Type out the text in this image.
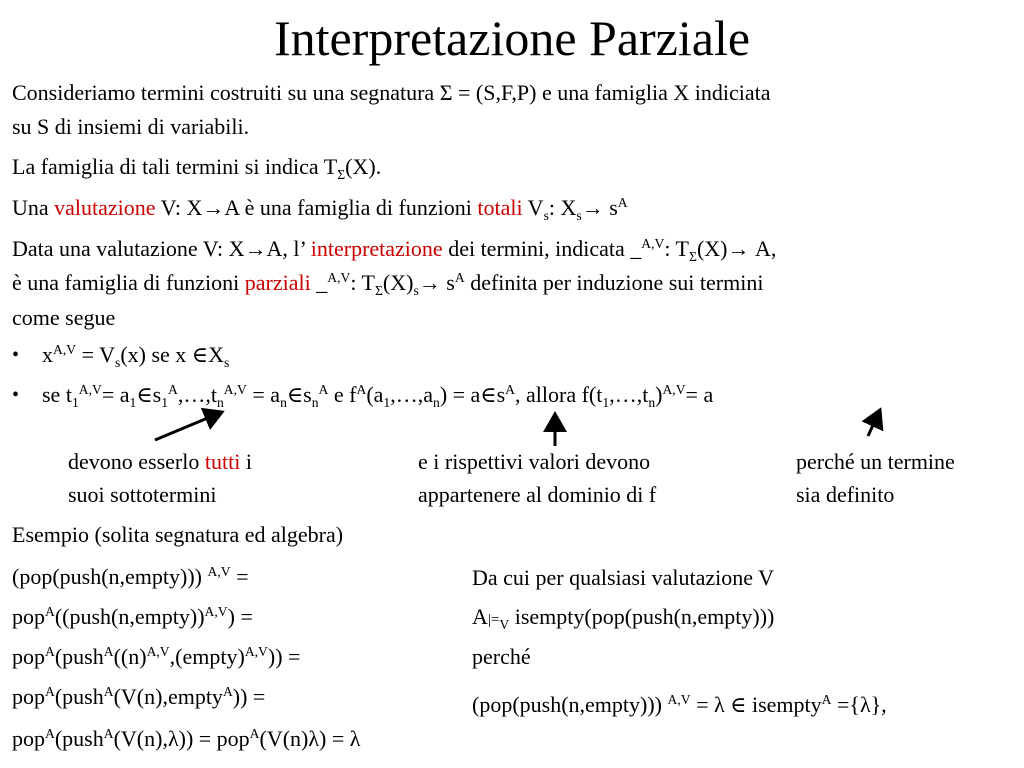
Interpretazione Parziale
Consideriamo termini costruiti su una segnatura Σ = (S,F,P) e una famiglia X indiciata
su S di insiemi di variabili.
La famiglia di tali termini si indica $T_\Sigma(X)$.
Una valutazione V: X→A è una famiglia di funzioni totali $V_s$: $X_s\to s^A$
Data una valutazione V: X→A, l’ interpretazione dei termini, indicata _$^{A,V}$: $T_\Sigma(X)\to A$,
è una famiglia di funzioni parziali _$^{A,V}$: $T_\Sigma(X)_s\to s^A$ definita per induzione sui termini
come segue
• $x^{A,V} = V_s(x)$ se x $\in X_s$
• se $t_1^{A,V}=$ $a_1\in s_1^A,\dots,t_n^{A,V}$ = $a_n\in s_n^A$ e $f^A(a_1,\dots,a_n)$ = $a\in s^A$, allora $f(t_1,\dots,t_n)^{A,V}= a$
devono esserlo tutti i
suoi sottotermini
e i rispettivi valori devono
appartenere al dominio di f
perché un termine
sia definito
Esempio (solita segnatura ed algebra)
(pop(push(n,empty))) $^{A,V}$ =
pop$^A$((push(n,empty))$^{A,V}$) =
$pop^A(push^A((n)^{A,V},(empty)^{A,V}))$ =
pop$^A$(push$^A$(V(n),empty$^A$)) =
pop$^A$(push$^A$(V(n),λ)) = pop$^A$(V(n)λ) = λ
Da cui per qualsiasi valutazione V
$A|=_V$ isempty(pop(push(n,empty)))
perché
(pop(push(n,empty))) $^{A,V}$ = λ ∈ isempty$^A$ ={λ},
